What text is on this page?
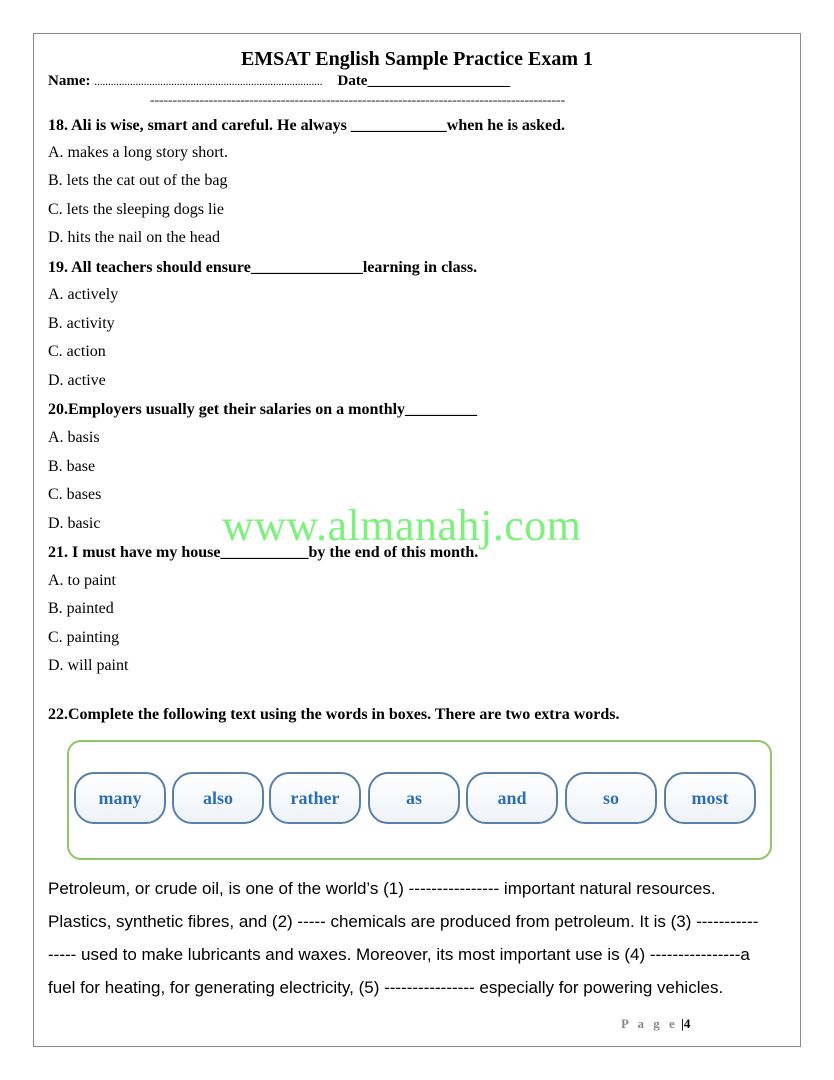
EMSAT English Sample Practice Exam 1
Name: ................................................................................... Date___________________
============================================================================================
18. Ali is wise, smart and careful. He always ____________when he is asked.
A. makes a long story short.
B. lets the cat out of the bag
C. lets the sleeping dogs lie
D. hits the nail on the head
19. All teachers should ensure______________learning in class.
A. actively
B. activity
C. action
D. active
20.Employers usually get their salaries on a monthly_________
A. basis
B. base
C. bases
D. basic	www.almanahj.com
21. I must have my house___________by the end of this month.
A. to paint
B. painted
C. painting
D. will paint
22.Complete the following text using the words in boxes. There are two extra words.
many	also	rather	as	and	so	most
Petroleum, or crude oil, is one of the world’s (1) ---------------- important natural resources.
Plastics, synthetic fibres, and (2) ----- chemicals are produced from petroleum. It is (3) -----------
----- used to make lubricants and waxes. Moreover, its most important use is (4) ----------------a
fuel for heating, for generating electricity, (5) ---------------- especially for powering vehicles.
P a g e |4
